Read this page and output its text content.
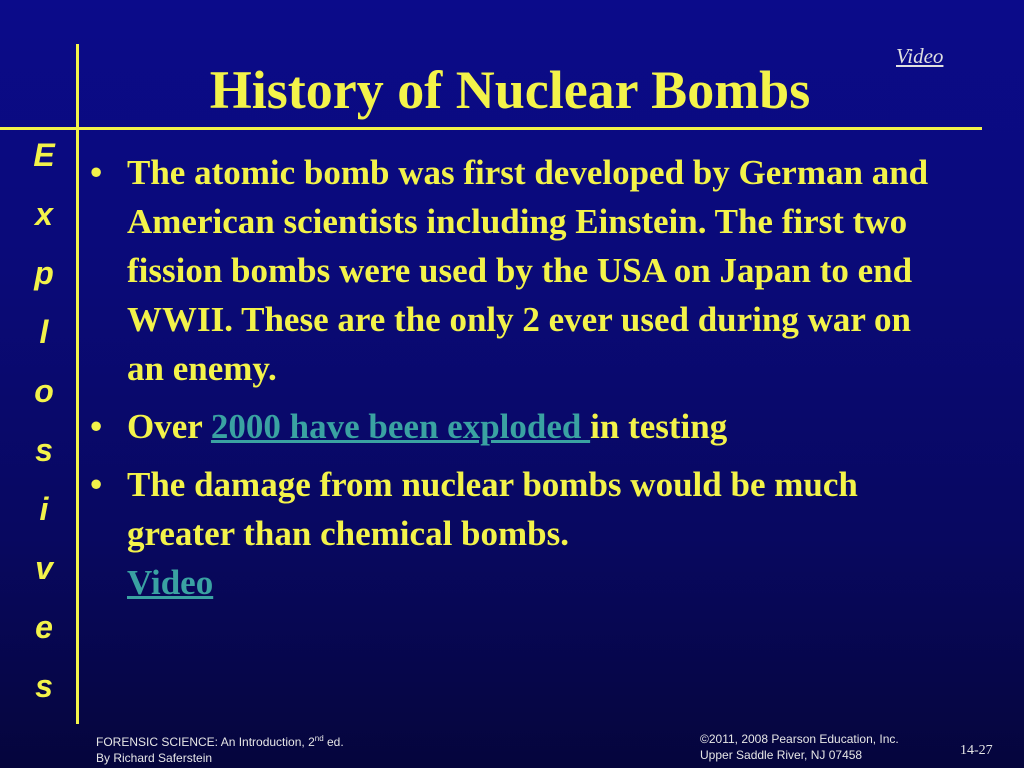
History of Nuclear Bombs
Video
E
x
p
l
o
s
i
v
e
s
• The atomic bomb was first developed by German and American scientists including Einstein. The first two fission bombs were used by the USA on Japan to end WWII. These are the only 2 ever used during war on an enemy.
• Over 2000 have been exploded in testing
• The damage from nuclear bombs would be much greater than chemical bombs.
Video
FORENSIC SCIENCE: An Introduction, 2nd ed.
By Richard Saferstein
©2011, 2008 Pearson Education, Inc.
Upper Saddle River, NJ 07458	14-27
